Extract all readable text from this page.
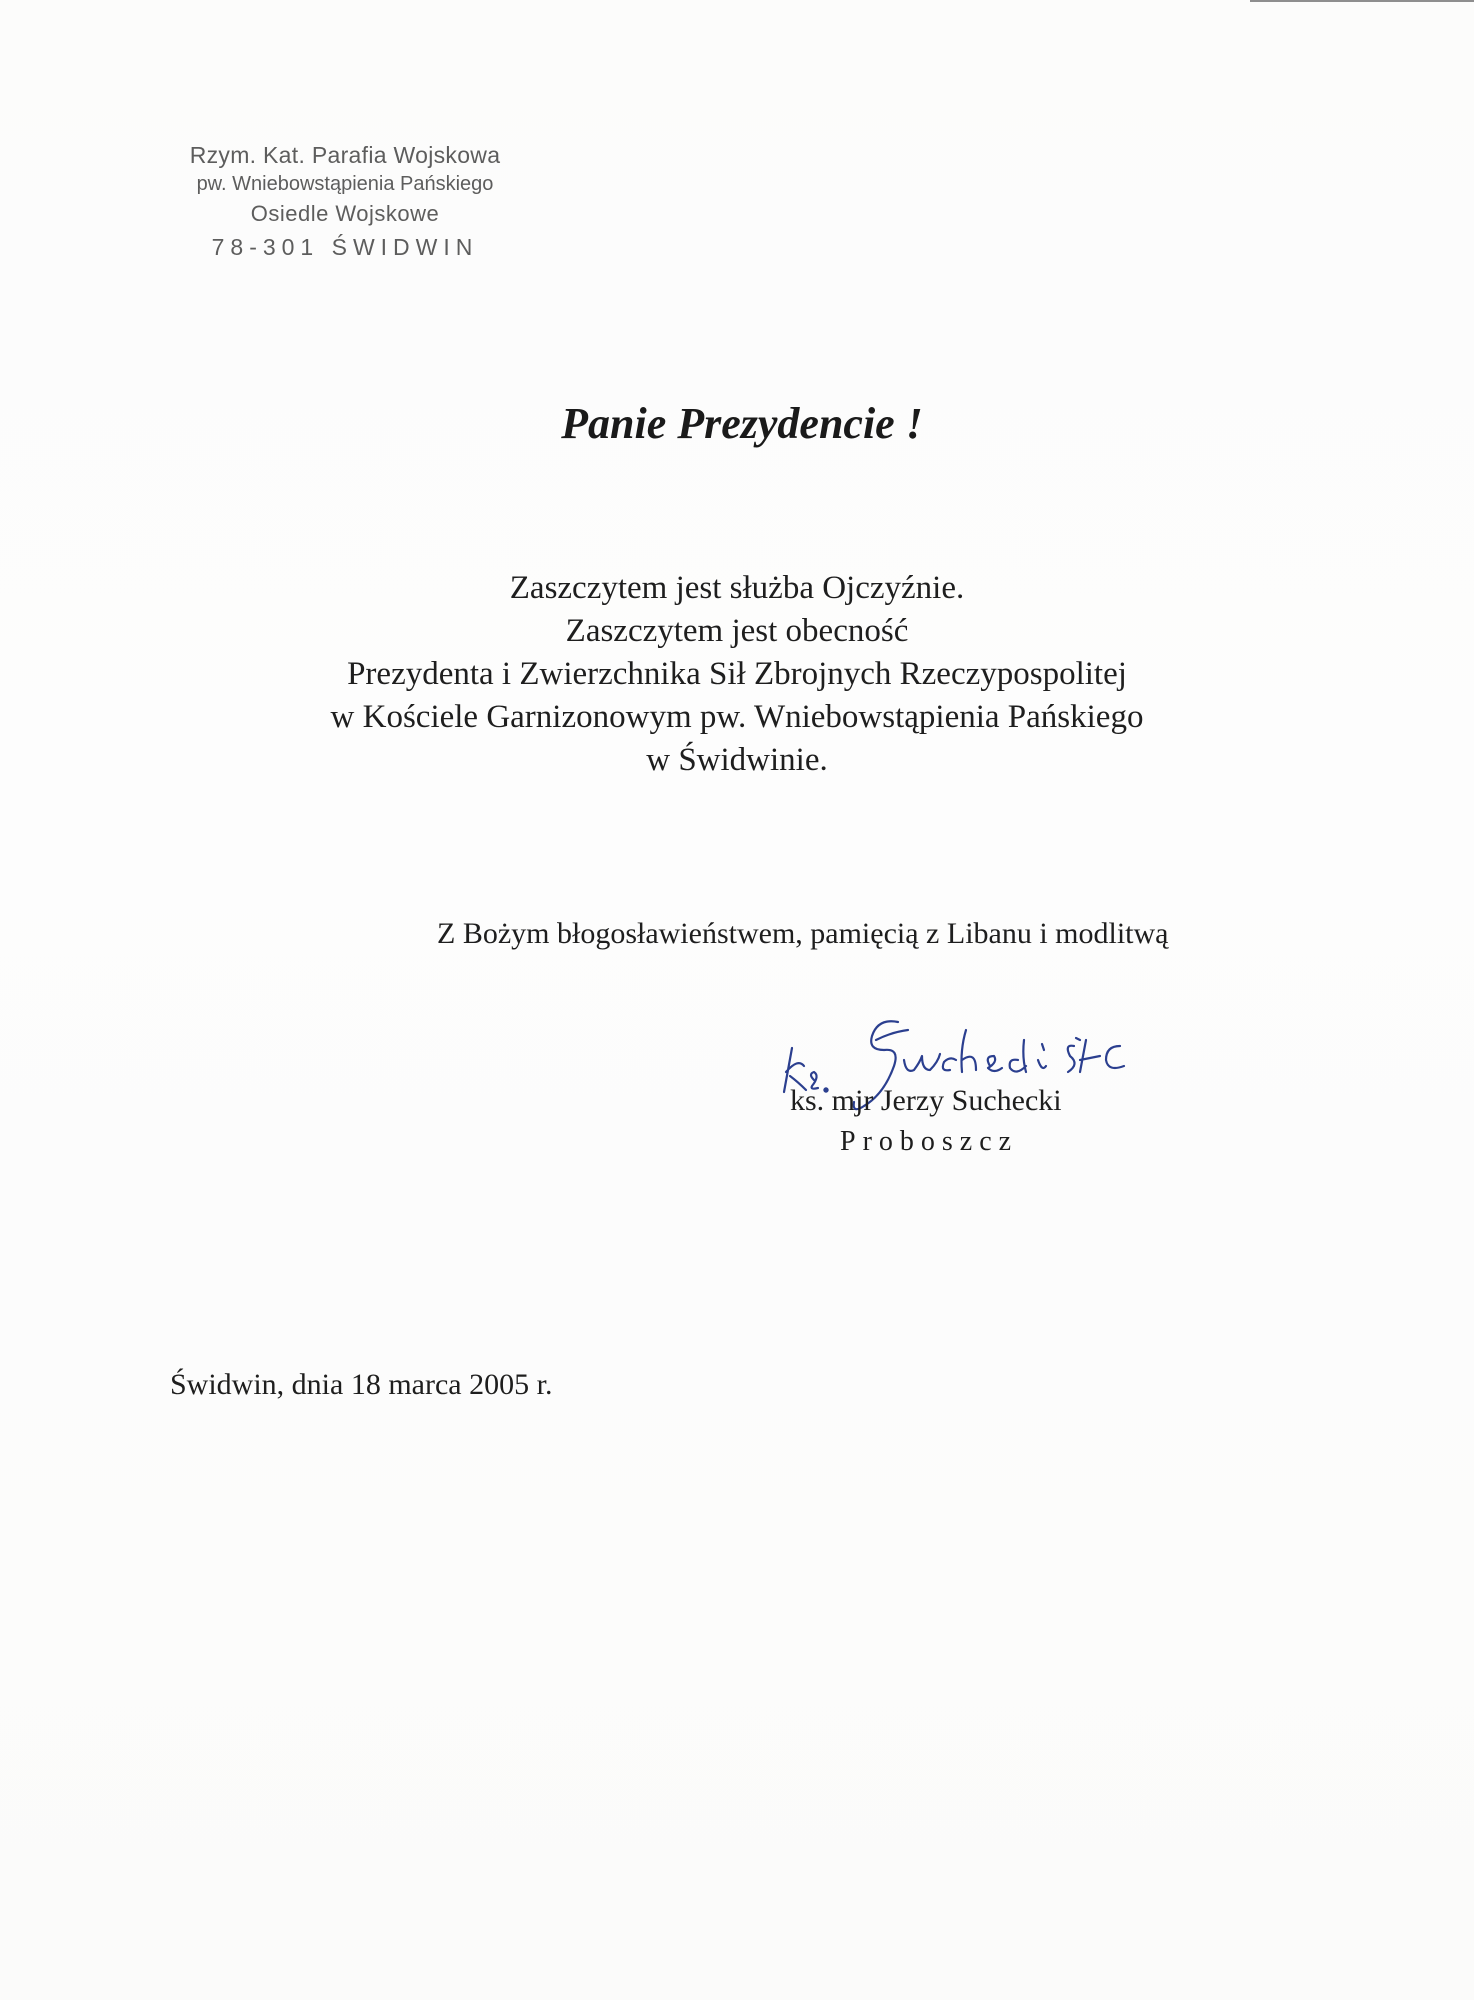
Rzym. Kat. Parafia Wojskowa
pw. Wniebowstąpienia Pańskiego
Osiedle Wojskowe
78-301 ŚWIDWIN
Panie Prezydencie !
Zaszczytem jest służba Ojczyźnie.
Zaszczytem jest obecność
Prezydenta i Zwierzchnika Sił Zbrojnych Rzeczypospolitej
w Kościele Garnizonowym pw. Wniebowstąpienia Pańskiego
w Świdwinie.
Z Bożym błogosławieństwem, pamięcią z Libanu i modlitwą
ks. mjr Jerzy Suchecki
Proboszcz
Świdwin, dnia 18 marca 2005 r.
